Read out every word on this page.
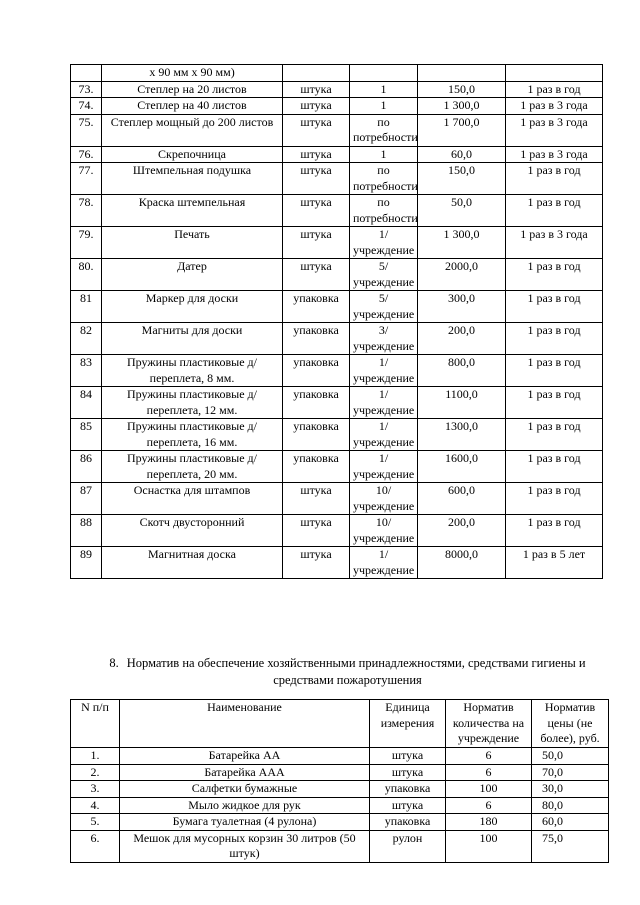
	х 90 мм х 90 мм)				
73.	Степлер на 20 листов	штука	1	150,0	1 раз в год
74.	Степлер на 40 листов	штука	1	1 300,0	1 раз в 3 года
75.	Степлер мощный до 200 листов	штука	по потребности	1 700,0	1 раз в 3 года
76.	Скрепочница	штука	1	60,0	1 раз в 3 года
77.	Штемпельная подушка	штука	по потребности	150,0	1 раз в год
78.	Краска штемпельная	штука	по потребности	50,0	1 раз в год
79.	Печать	штука	1/ учреждение	1 300,0	1 раз в 3 года
80.	Датер	штука	5/ учреждение	2000,0	1 раз в год
81	Маркер для доски	упаковка	5/учреждение	300,0	1 раз в год
82	Магниты для доски	упаковка	3/учреждение	200,0	1 раз в год
83	Пружины пластиковые д/переплета, 8 мм.	упаковка	1/учреждение	800,0	1 раз в год
84	Пружины пластиковые д/переплета, 12 мм.	упаковка	1/учреждение	1100,0	1 раз в год
85	Пружины пластиковые д/переплета, 16 мм.	упаковка	1/учреждение	1300,0	1 раз в год
86	Пружины пластиковые д/переплета, 20 мм.	упаковка	1/учреждение	1600,0	1 раз в год
87	Оснастка для штампов	штука	10/учреждение	600,0	1 раз в год
88	Скотч двусторонний	штука	10/учреждение	200,0	1 раз в год
89	Магнитная доска	штука	1/учреждение	8000,0	1 раз в 5 лет
8. Норматив на обеспечение хозяйственными принадлежностями, средствами гигиены и
средствами пожаротушения
N п/п	Наименование	Единица измерения	Норматив количества на учреждение	Норматив цены (не более), руб.
1.	Батарейка АА	штука	6	50,0
2.	Батарейка ААА	штука	6	70,0
3.	Салфетки бумажные	упаковка	100	30,0
4.	Мыло жидкое для рук	штука	6	80,0
5.	Бумага туалетная (4 рулона)	упаковка	180	60,0
6.	Мешок для мусорных корзин 30 литров (50 штук)	рулон	100	75,0
